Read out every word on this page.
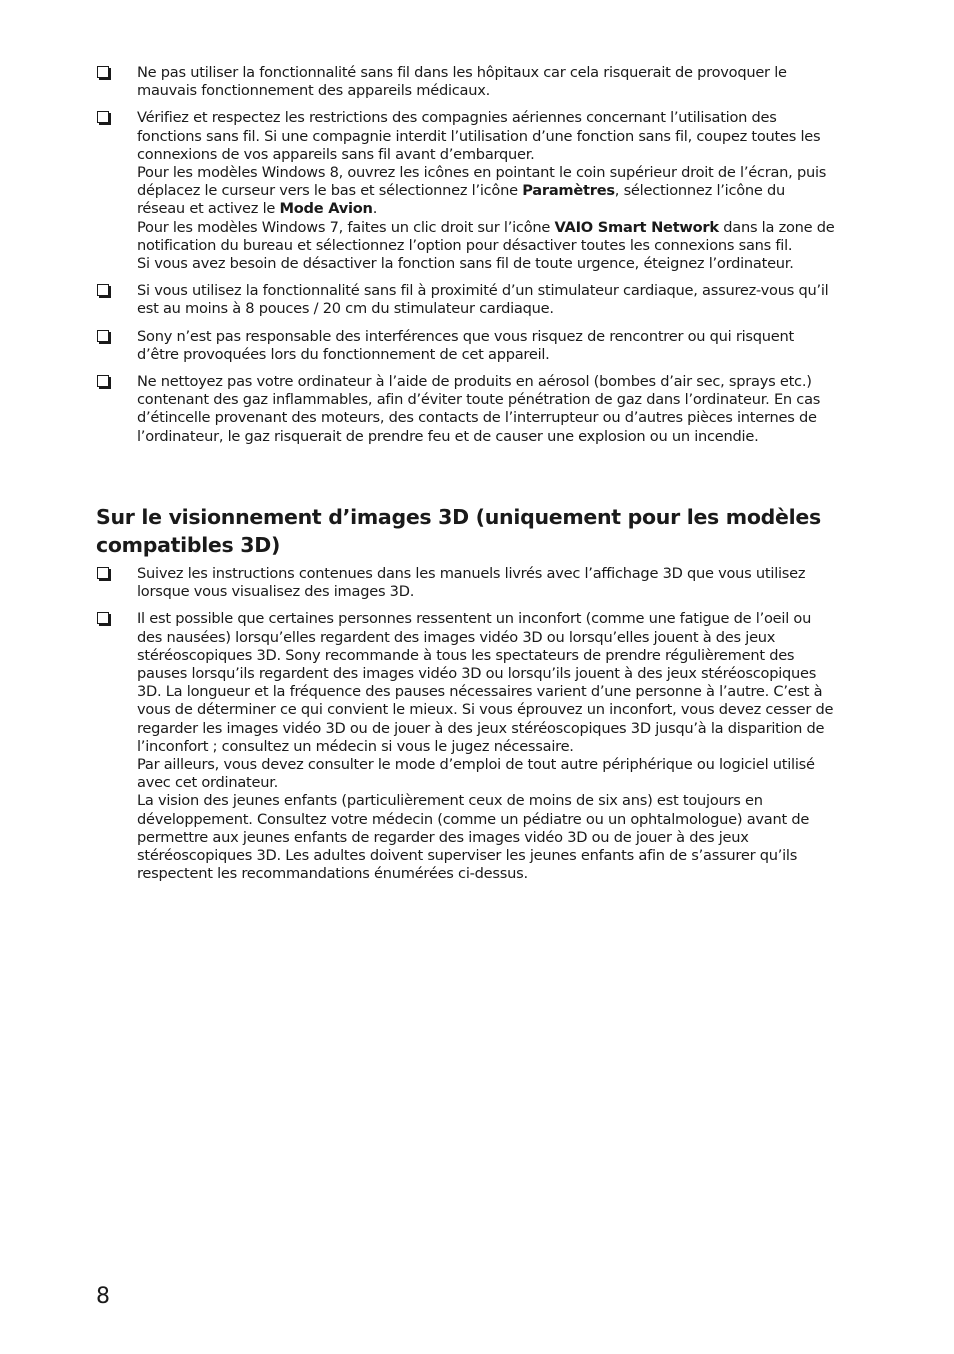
Ne pas utiliser la fonctionnalité sans fil dans les hôpitaux car cela risquerait de provoquer le mauvais fonctionnement des appareils médicaux.

Vérifiez et respectez les restrictions des compagnies aériennes concernant l’utilisation des fonctions sans fil. Si une compagnie interdit l’utilisation d’une fonction sans fil, coupez toutes les connexions de vos appareils sans fil avant d’embarquer.

Pour les modèles Windows 8, ouvrez les icônes en pointant le coin supérieur droit de l’écran, puis déplacez le curseur vers le bas et sélectionnez l’icône Paramètres, sélectionnez l’icône du réseau et activez le Mode Avion.

Pour les modèles Windows 7, faites un clic droit sur l’icône VAIO Smart Network dans la zone de notification du bureau et sélectionnez l’option pour désactiver toutes les connexions sans fil.

Si vous avez besoin de désactiver la fonction sans fil de toute urgence, éteignez l’ordinateur.

Si vous utilisez la fonctionnalité sans fil à proximité d’un stimulateur cardiaque, assurez-vous qu’il est au moins à 8 pouces / 20 cm du stimulateur cardiaque.

Sony n’est pas responsable des interférences que vous risquez de rencontrer ou qui risquent d’être provoquées lors du fonctionnement de cet appareil.

Ne nettoyez pas votre ordinateur à l’aide de produits en aérosol (bombes d’air sec, sprays etc.) contenant des gaz inflammables, afin d’éviter toute pénétration de gaz dans l’ordinateur. En cas d’étincelle provenant des moteurs, des contacts de l’interrupteur ou d’autres pièces internes de l’ordinateur, le gaz risquerait de prendre feu et de causer une explosion ou un incendie.

Sur le visionnement d’images 3D (uniquement pour les modèles compatibles 3D)

Suivez les instructions contenues dans les manuels livrés avec l’affichage 3D que vous utilisez lorsque vous visualisez des images 3D.

Il est possible que certaines personnes ressentent un inconfort (comme une fatigue de l’oeil ou des nausées) lorsqu’elles regardent des images vidéo 3D ou lorsqu’elles jouent à des jeux stéréoscopiques 3D. Sony recommande à tous les spectateurs de prendre régulièrement des pauses lorsqu’ils regardent des images vidéo 3D ou lorsqu’ils jouent à des jeux stéréoscopiques 3D. La longueur et la fréquence des pauses nécessaires varient d’une personne à l’autre. C’est à vous de déterminer ce qui convient le mieux. Si vous éprouvez un inconfort, vous devez cesser de regarder les images vidéo 3D ou de jouer à des jeux stéréoscopiques 3D jusqu’à la disparition de l’inconfort ; consultez un médecin si vous le jugez nécessaire.

Par ailleurs, vous devez consulter le mode d’emploi de tout autre périphérique ou logiciel utilisé avec cet ordinateur.

La vision des jeunes enfants (particulièrement ceux de moins de six ans) est toujours en développement. Consultez votre médecin (comme un pédiatre ou un ophtalmologue) avant de permettre aux jeunes enfants de regarder des images vidéo 3D ou de jouer à des jeux stéréoscopiques 3D. Les adultes doivent superviser les jeunes enfants afin de s’assurer qu’ils respectent les recommandations énumérées ci-dessus.

8
